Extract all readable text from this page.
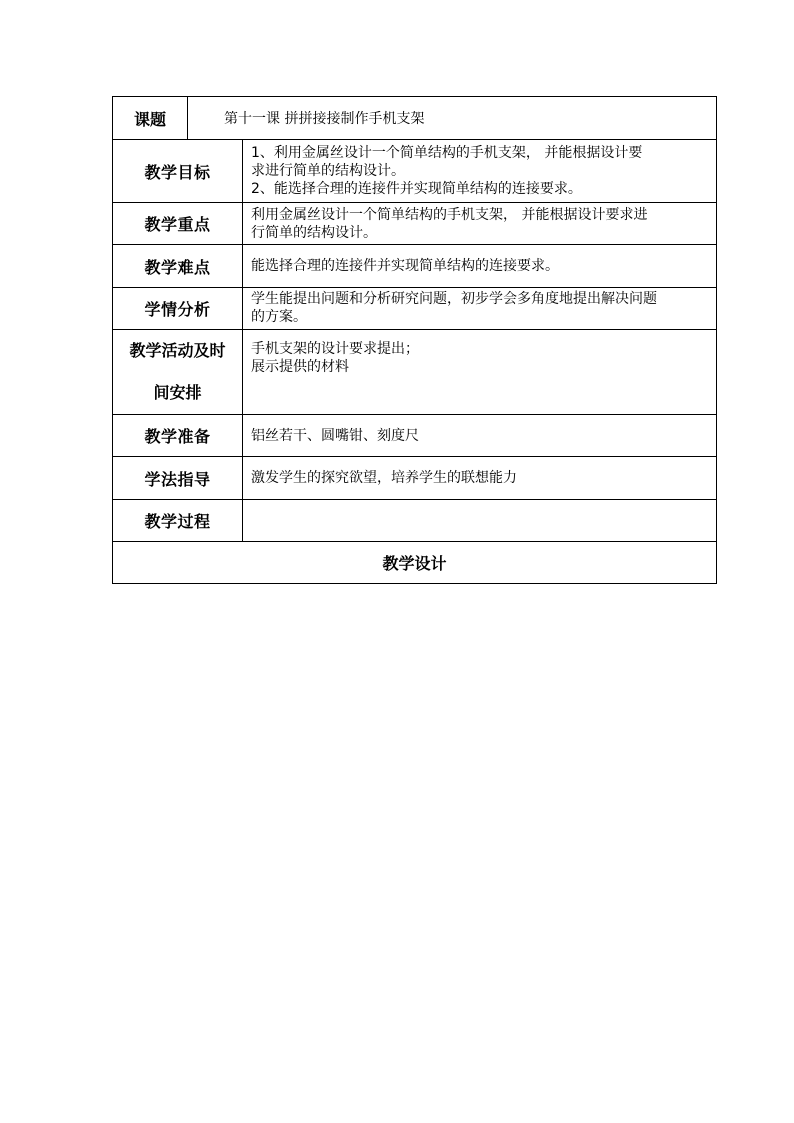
课题	第十一课 拼拼接接制作手机支架	
教学目标		1、利用金属丝设计一个简单结构的手机支架， 并能根据设计要
求进行简单的结构设计。
2、能选择合理的连接件并实现简单结构的连接要求。

教学重点		利用金属丝设计一个简单结构的手机支架， 并能根据设计要求进
行简单的结构设计。

教学难点		能选择合理的连接件并实现简单结构的连接要求。

学情分析		学生能提出问题和分析研究问题，初步学会多角度地提出解决问题
的方案。

教学活动及时
间安排		手机支架的设计要求提出；
展示提供的材料

教学准备		铝丝若干、圆嘴钳、刻度尺

学法指导		激发学生的探究欲望，培养学生的联想能力

教学过程		
教学设计		
